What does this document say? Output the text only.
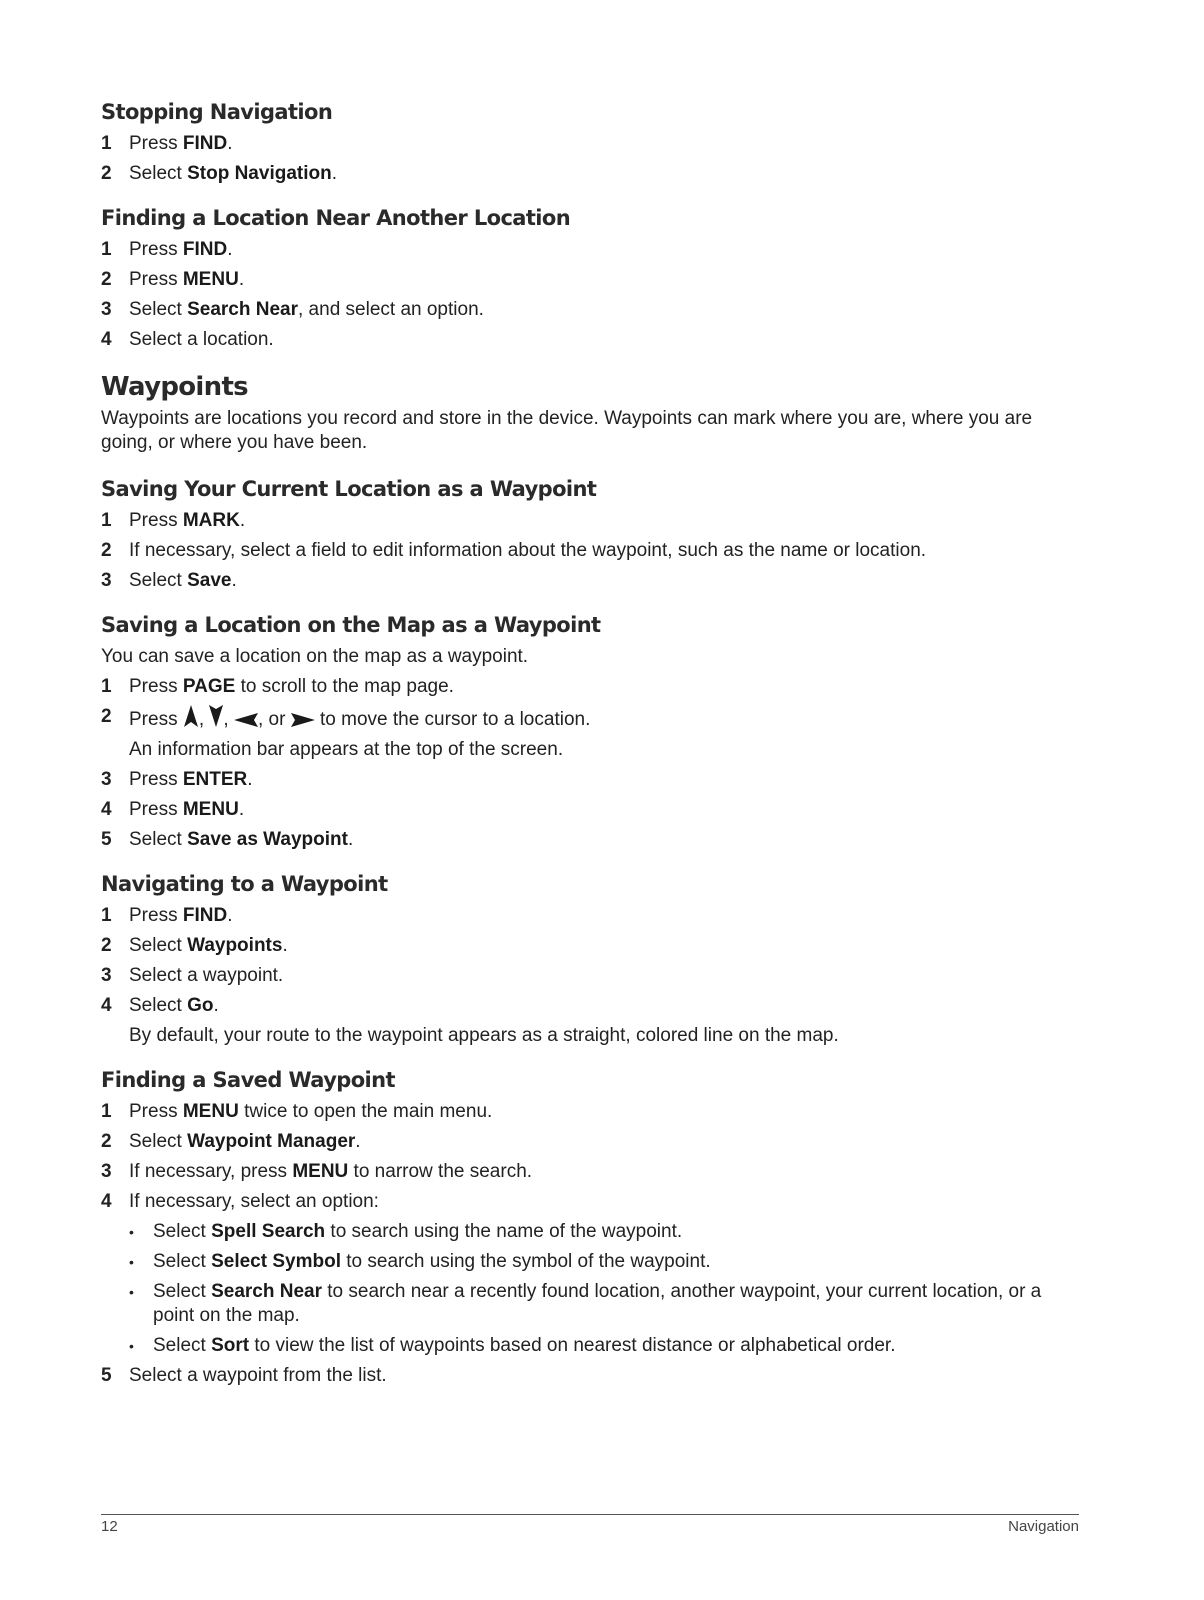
Stopping Navigation
1 Press FIND.
2 Select Stop Navigation.
Finding a Location Near Another Location
1 Press FIND.
2 Press MENU.
3 Select Search Near, and select an option.
4 Select a location.
Waypoints

Waypoints are locations you record and store in the device. Waypoints can mark where you are, where you are going, or where you have been.

Saving Your Current Location as a Waypoint
1 Press MARK.
2 If necessary, select a field to edit information about the waypoint, such as the name or location.
3 Select Save.
Saving a Location on the Map as a Waypoint

You can save a location on the map as a waypoint.

1 Press PAGE to scroll to the map page.
2 Press , , , or  to move the cursor to a location.
An information bar appears at the top of the screen.
3 Press ENTER.
4 Press MENU.
5 Select Save as Waypoint.
Navigating to a Waypoint
1 Press FIND.
2 Select Waypoints.
3 Select a waypoint.
4 Select Go.
By default, your route to the waypoint appears as a straight, colored line on the map.
Finding a Saved Waypoint
1 Press MENU twice to open the main menu.
2 Select Waypoint Manager.
3 If necessary, press MENU to narrow the search.
4 If necessary, select an option:
• Select Spell Search to search using the name of the waypoint.
• Select Select Symbol to search using the symbol of the waypoint.
• Select Search Near to search near a recently found location, another waypoint, your current location, or a point on the map.
• Select Sort to view the list of waypoints based on nearest distance or alphabetical order.
5 Select a waypoint from the list.
12	Navigation
